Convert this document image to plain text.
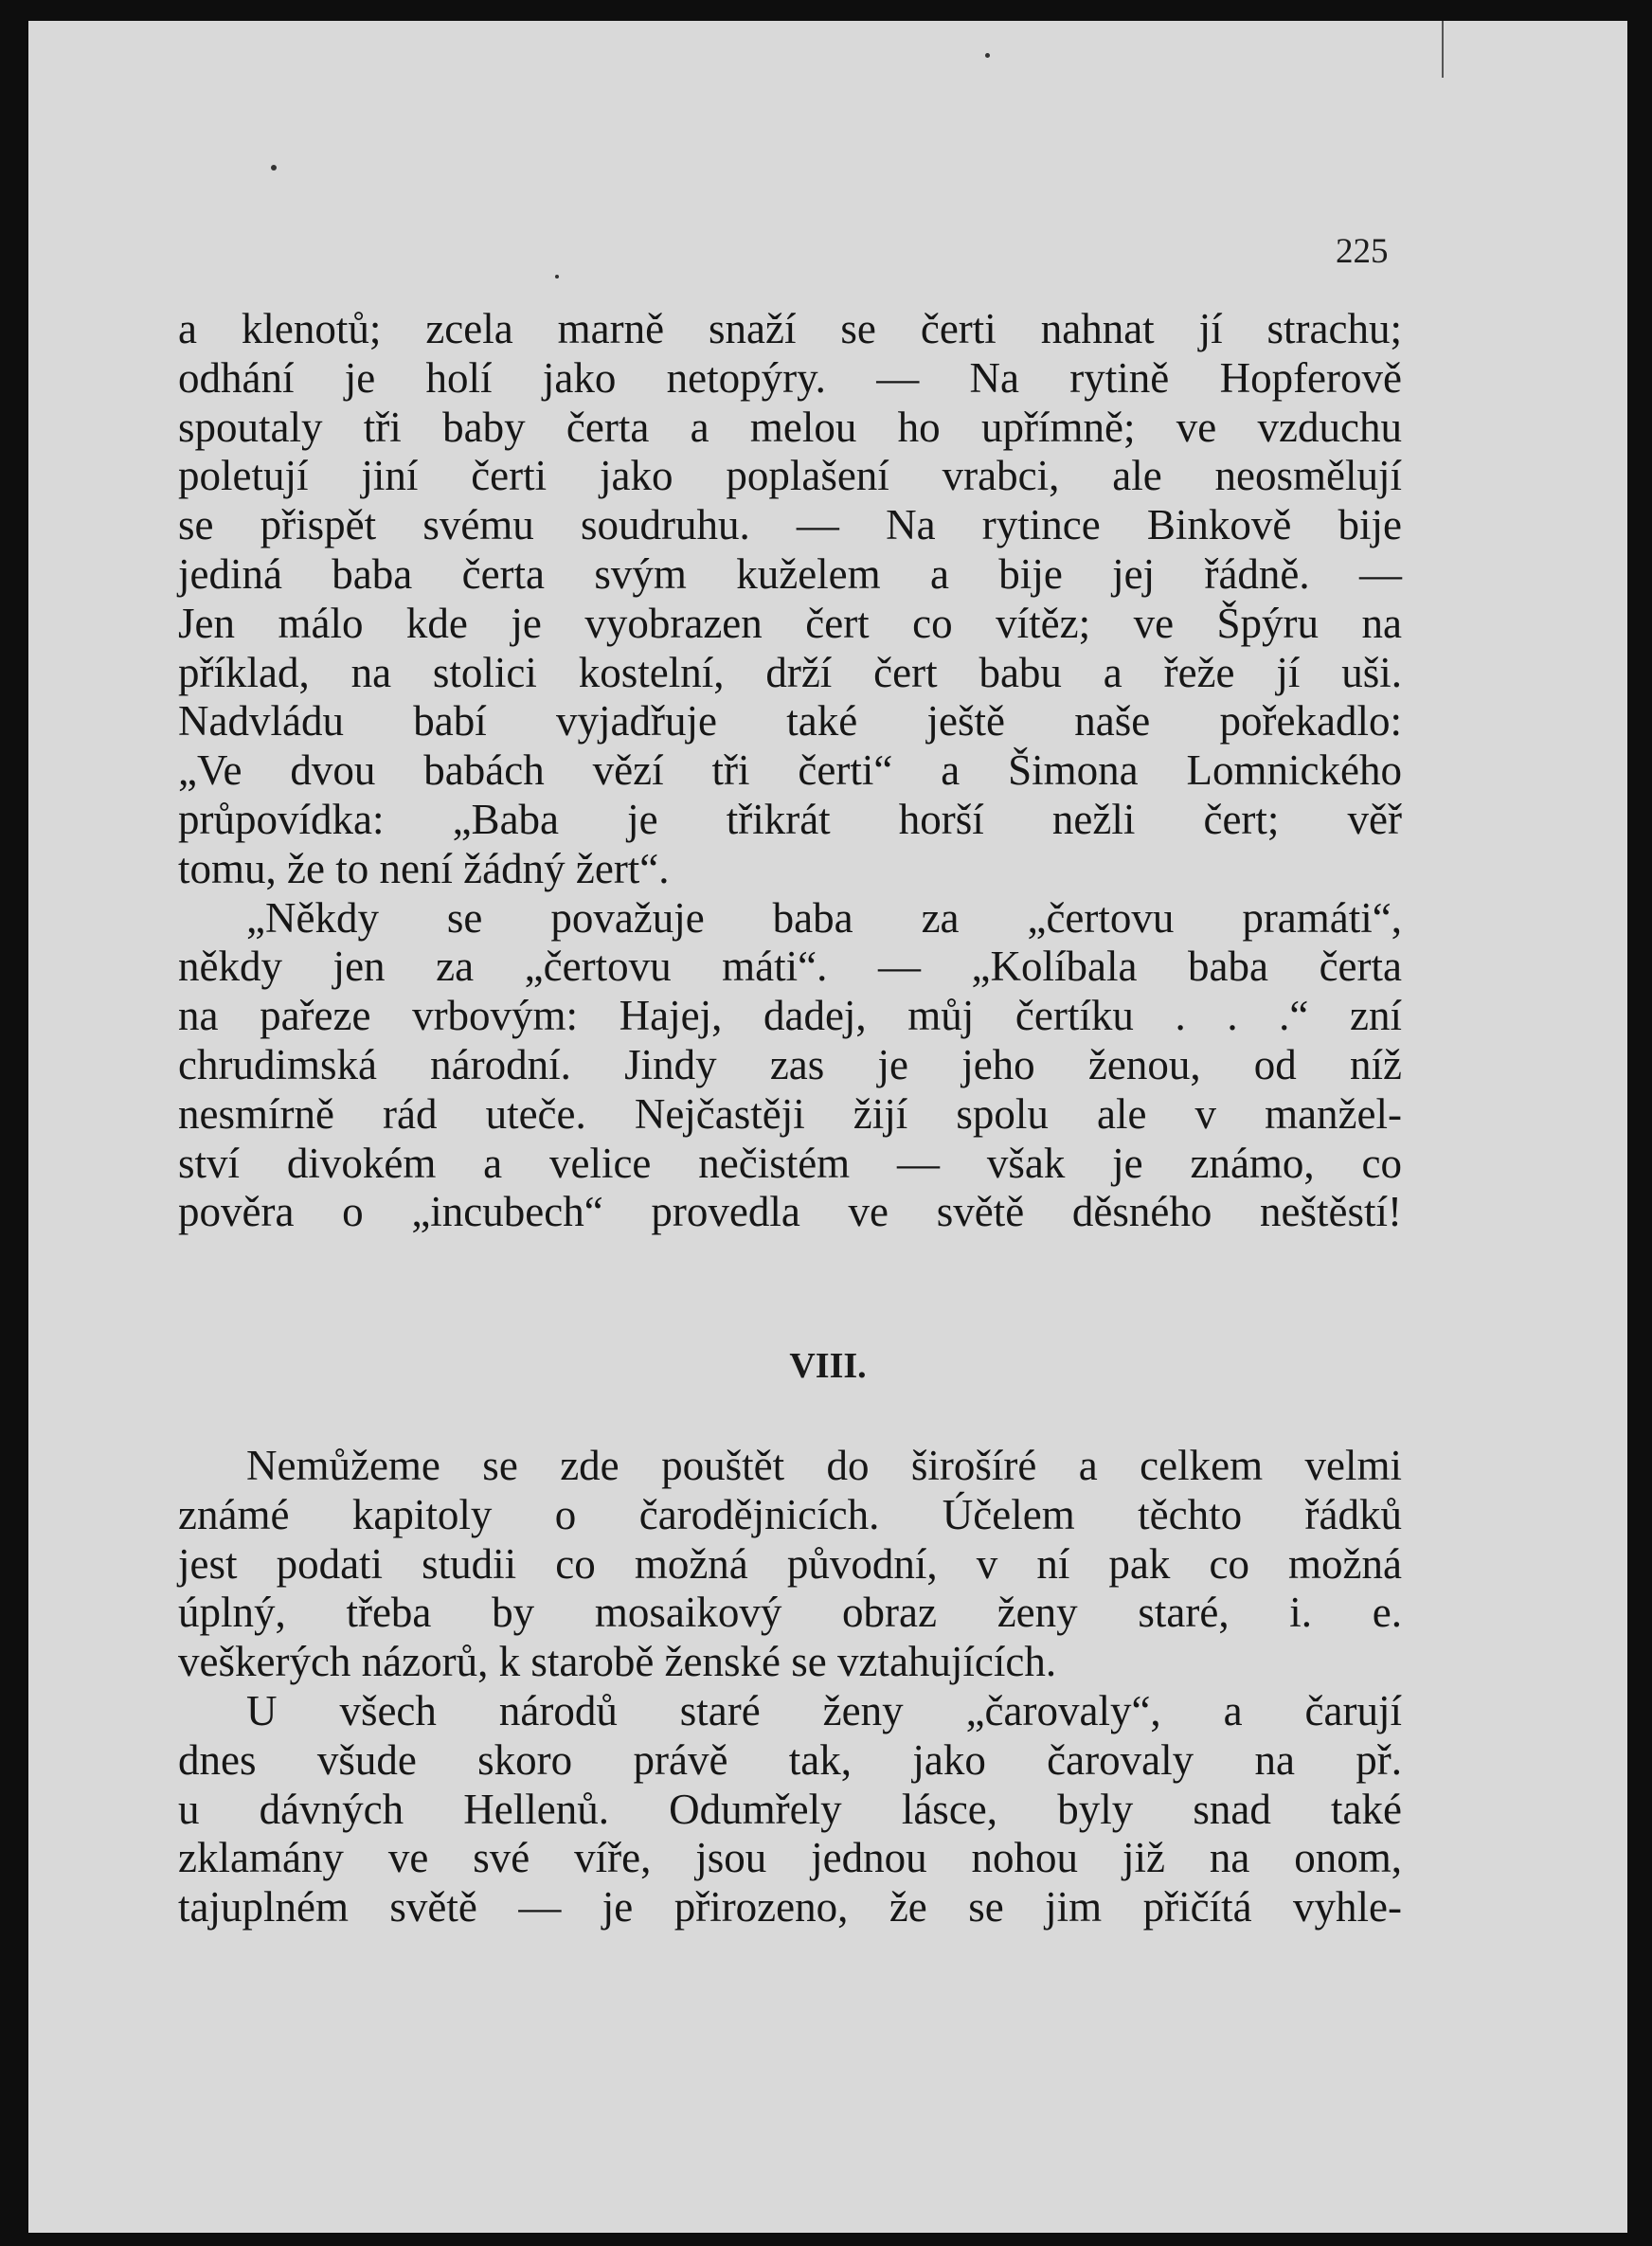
225
a klenotů; zcela marně snaží se čerti nahnat jí strachu;
odhání je holí jako netopýry. — Na rytině Hopferově
spoutaly tři baby čerta a melou ho upřímně; ve vzduchu
poletují jiní čerti jako poplašení vrabci, ale neosmělují
se přispět svému soudruhu. — Na rytince Binkově bije
jediná baba čerta svým kuželem a bije jej řádně. —
Jen málo kde je vyobrazen čert co vítěz; ve Špýru na
příklad, na stolici kostelní, drží čert babu a řeže jí uši.
Nadvládu babí vyjadřuje také ještě naše pořekadlo:
„Ve dvou babách vězí tři čerti“ a Šimona Lomnického
průpovídka: „Baba je třikrát horší nežli čert; věř
tomu, že to není žádný žert“.
„Někdy se považuje baba za „čertovu pramáti“,
někdy jen za „čertovu máti“. — „Kolíbala baba čerta
na pařeze vrbovým: Hajej, dadej, můj čertíku . . .“ zní
chrudimská národní. Jindy zas je jeho ženou, od níž
nesmírně rád uteče. Nejčastěji žijí spolu ale v manžel-
ství divokém a velice nečistém — však je známo, co
pověra o „incubech“ provedla ve světě děsného neštěstí!
VIII.
Nemůžeme se zde pouštět do širošíré a celkem velmi
známé kapitoly o čarodějnicích. Účelem těchto řádků
jest podati studii co možná původní, v ní pak co možná
úplný, třeba by mosaikový obraz ženy staré, i. e.
veškerých názorů, k starobě ženské se vztahujících.
U všech národů staré ženy „čarovaly“, a čarují
dnes všude skoro právě tak, jako čarovaly na př.
u dávných Hellenů. Odumřely lásce, byly snad také
zklamány ve své víře, jsou jednou nohou již na onom,
tajuplném světě — je přirozeno, že se jim přičítá vyhle-
